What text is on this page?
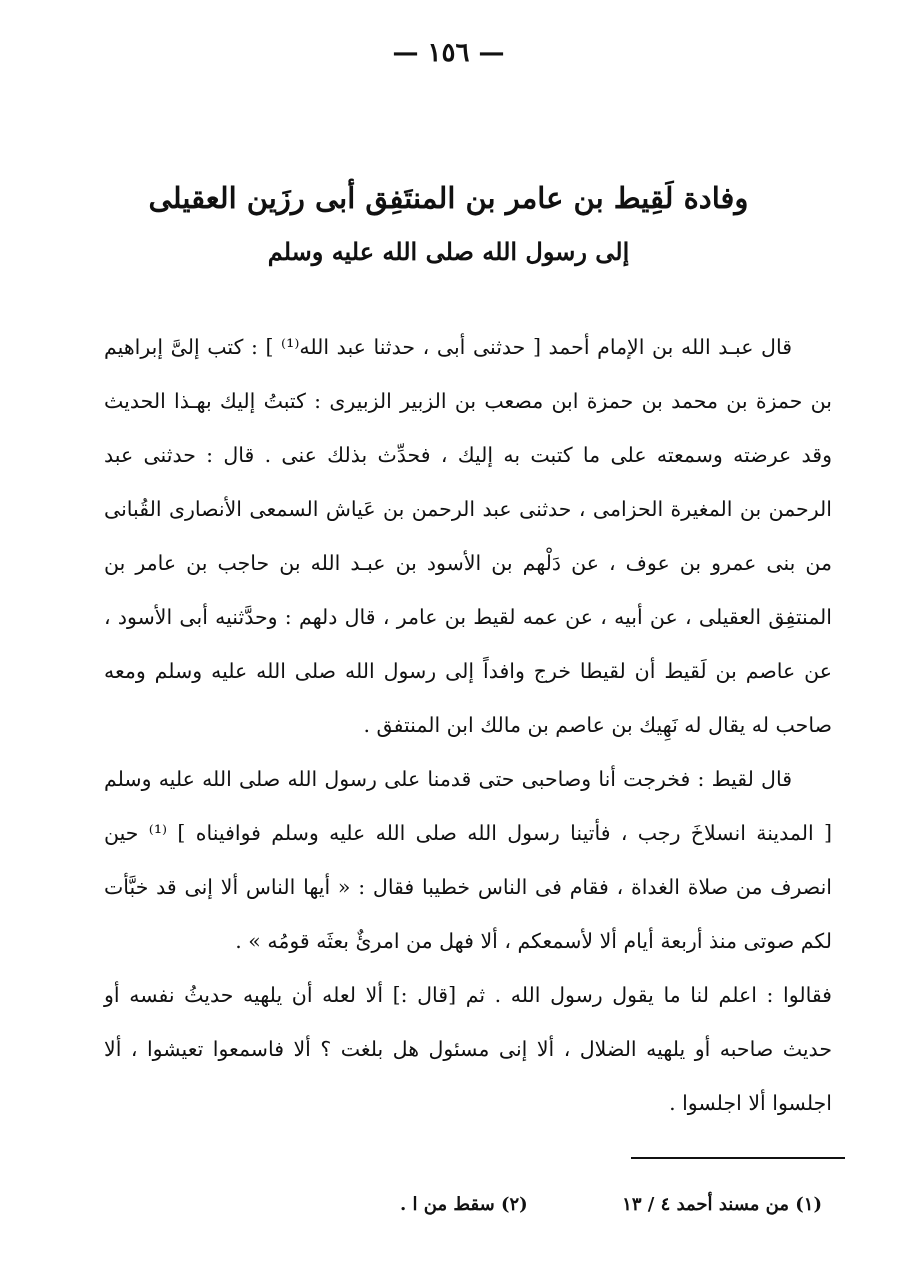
— ١٥٦ —

وفادة لَقِيط بن عامر بن المنتَفِق أبى رزَين العقيلى

إلى رسول الله صلى الله عليه وسلم

قال عبـد الله بن الإمام أحمد [ حدثنى أبى ، حدثنا عبد الله⁽¹⁾ ] : كتب إلىَّ إبراهيم بن حمزة بن محمد بن حمزة ابن مصعب بن الزبير الزبيرى : كتبتُ إليك بهـذا الحديث وقد عرضته وسمعته على ما كتبت به إليك ، فحدِّث بذلك عنى . قال : حدثنى عبد الرحمن بن المغيرة الحزامى ، حدثنى عبد الرحمن بن عَياش السمعى الأنصارى القُبانى من بنى عمرو بن عوف ، عن دَلْهم بن الأسود بن عبـد الله بن حاجب بن عامر بن المنتفِق العقيلى ، عن أبيه ، عن عمه لقيط بن عامر ، قال دلهم : وحدَّثنيه أبى الأسود ، عن عاصم بن لَقيط أن لقيطا خرج وافداً إلى رسول الله صلى الله عليه وسلم ومعه صاحب له يقال له نَهِيك بن عاصم بن مالك ابن المنتفق .

قال لقيط : فخرجت أنا وصاحبى حتى قدمنا على رسول الله صلى الله عليه وسلم [ المدينة انسلاخَ رجب ، فأتينا رسول الله صلى الله عليه وسلم فوافيناه ] ⁽¹⁾ حين انصرف من صلاة الغداة ، فقام فى الناس خطيبا فقال : « أيها الناس ألا إنى قد خبَّأت لكم صوتى منذ أربعة أيام ألا لأسمعكم ، ألا فهل من امرئٌ بعثَه قومُه » .

فقالوا : اعلم لنا ما يقول رسول الله . ثم [قال :] ألا لعله أن يلهيه حديثُ نفسه أو حديث صاحبه أو يلهيه الضلال ، ألا إنى مسئول هل بلغت ؟ ألا فاسمعوا تعيشوا ، ألا اجلسوا ألا اجلسوا .

(١) من مسند أحمد ٤ / ١٣
(٢) سقط من ا .
